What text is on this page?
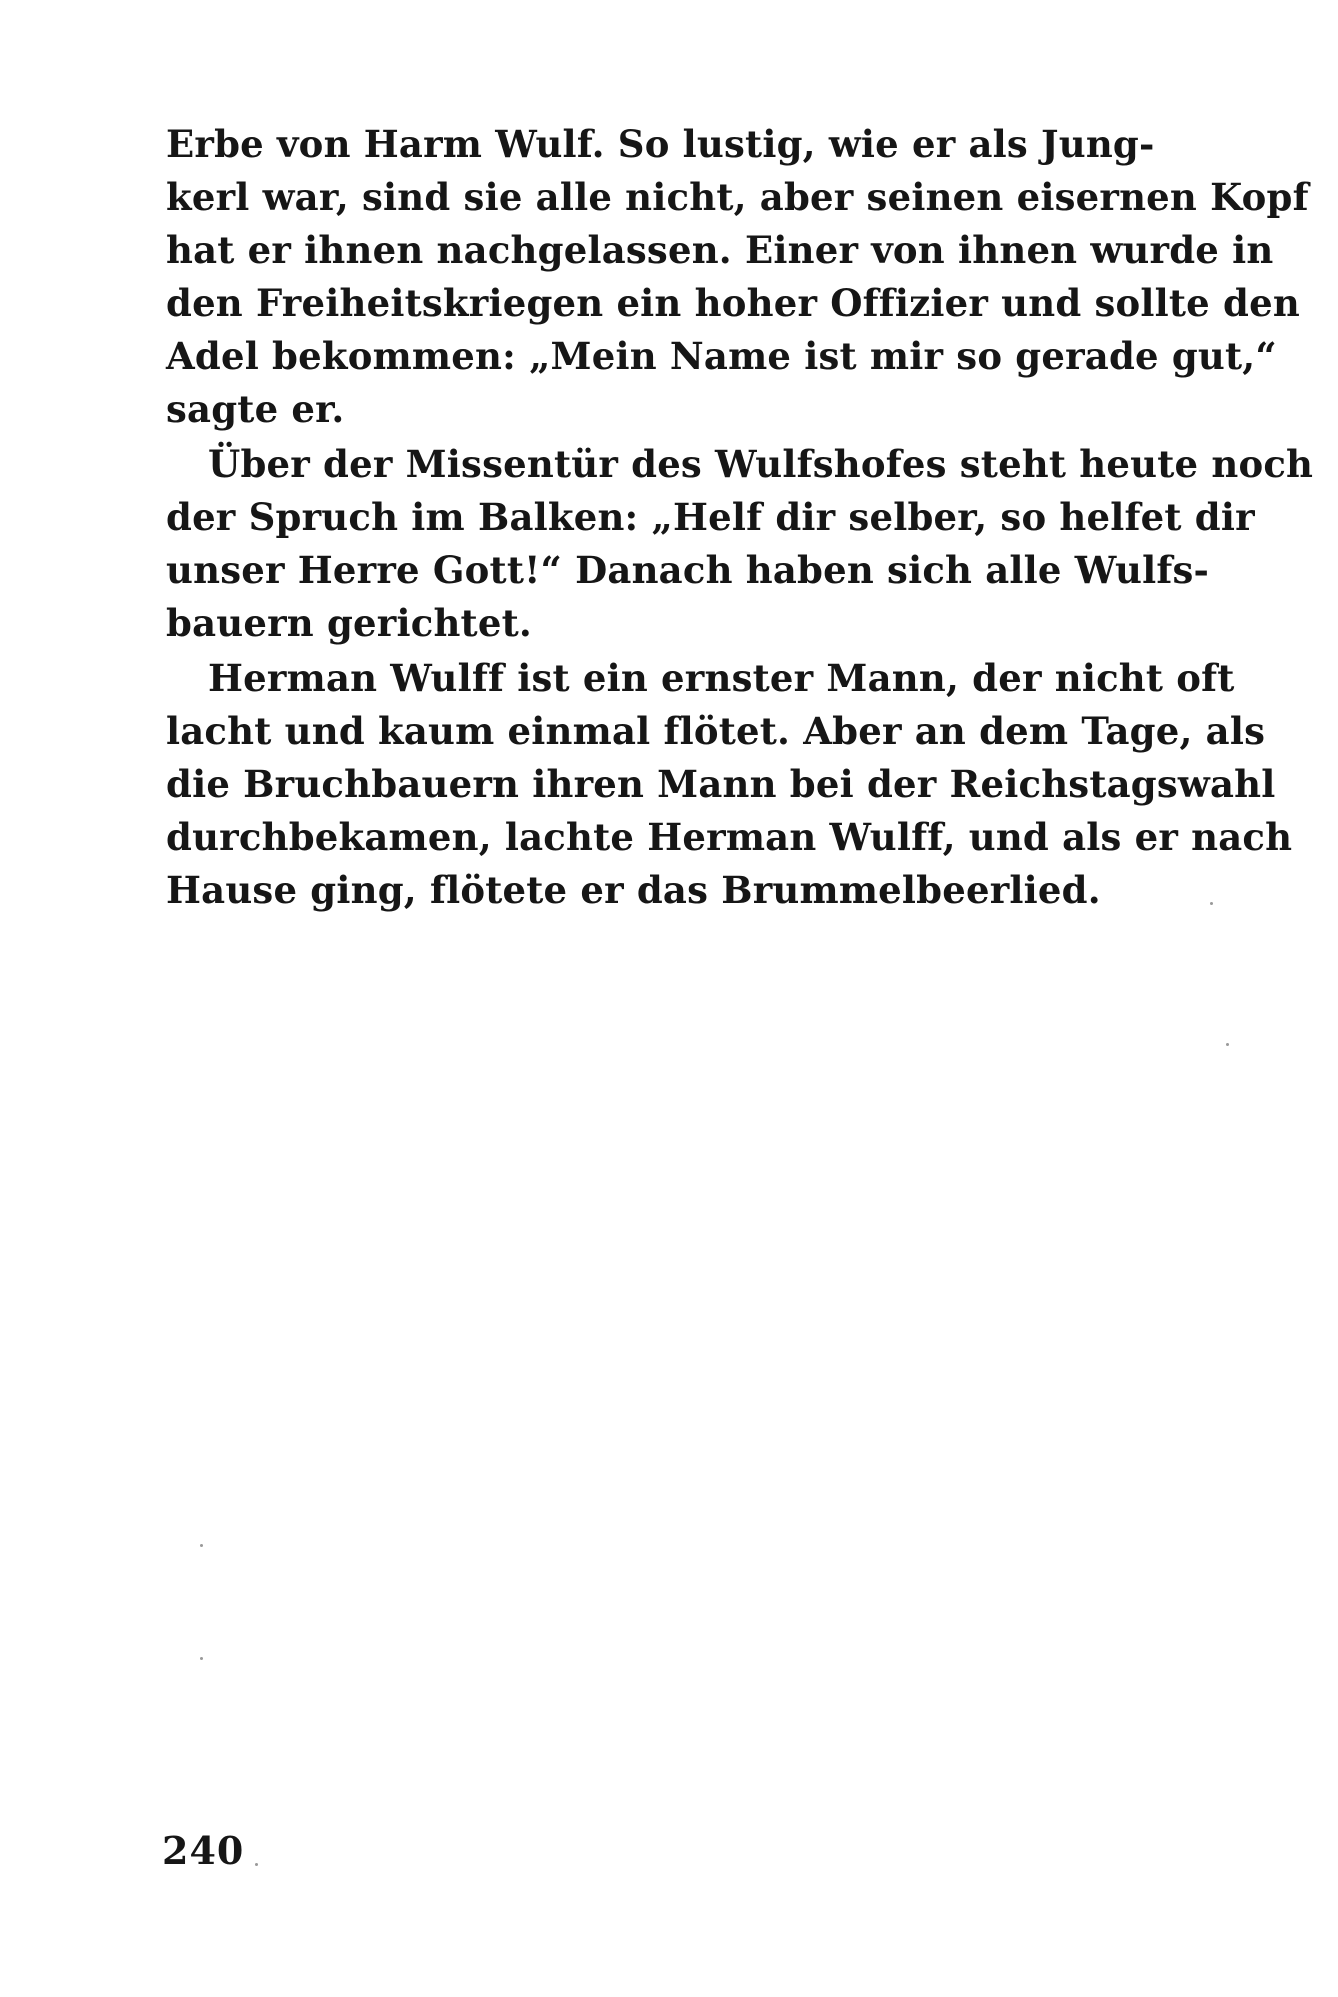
Erbe von Harm Wulf. So lustig, wie er als Jung-
kerl war, sind sie alle nicht, aber seinen eisernen Kopf
hat er ihnen nachgelassen. Einer von ihnen wurde in
den Freiheitskriegen ein hoher Offizier und sollte den
Adel bekommen: „Mein Name ist mir so gerade gut,“
sagte er.
Über der Missentür des Wulfshofes steht heute noch
der Spruch im Balken: „Helf dir selber, so helfet dir
unser Herre Gott!“ Danach haben sich alle Wulfs-
bauern gerichtet.
Herman Wulff ist ein ernster Mann, der nicht oft
lacht und kaum einmal flötet. Aber an dem Tage, als
die Bruchbauern ihren Mann bei der Reichstagswahl
durchbekamen, lachte Herman Wulff, und als er nach
Hause ging, flötete er das Brummelbeerlied.
240
